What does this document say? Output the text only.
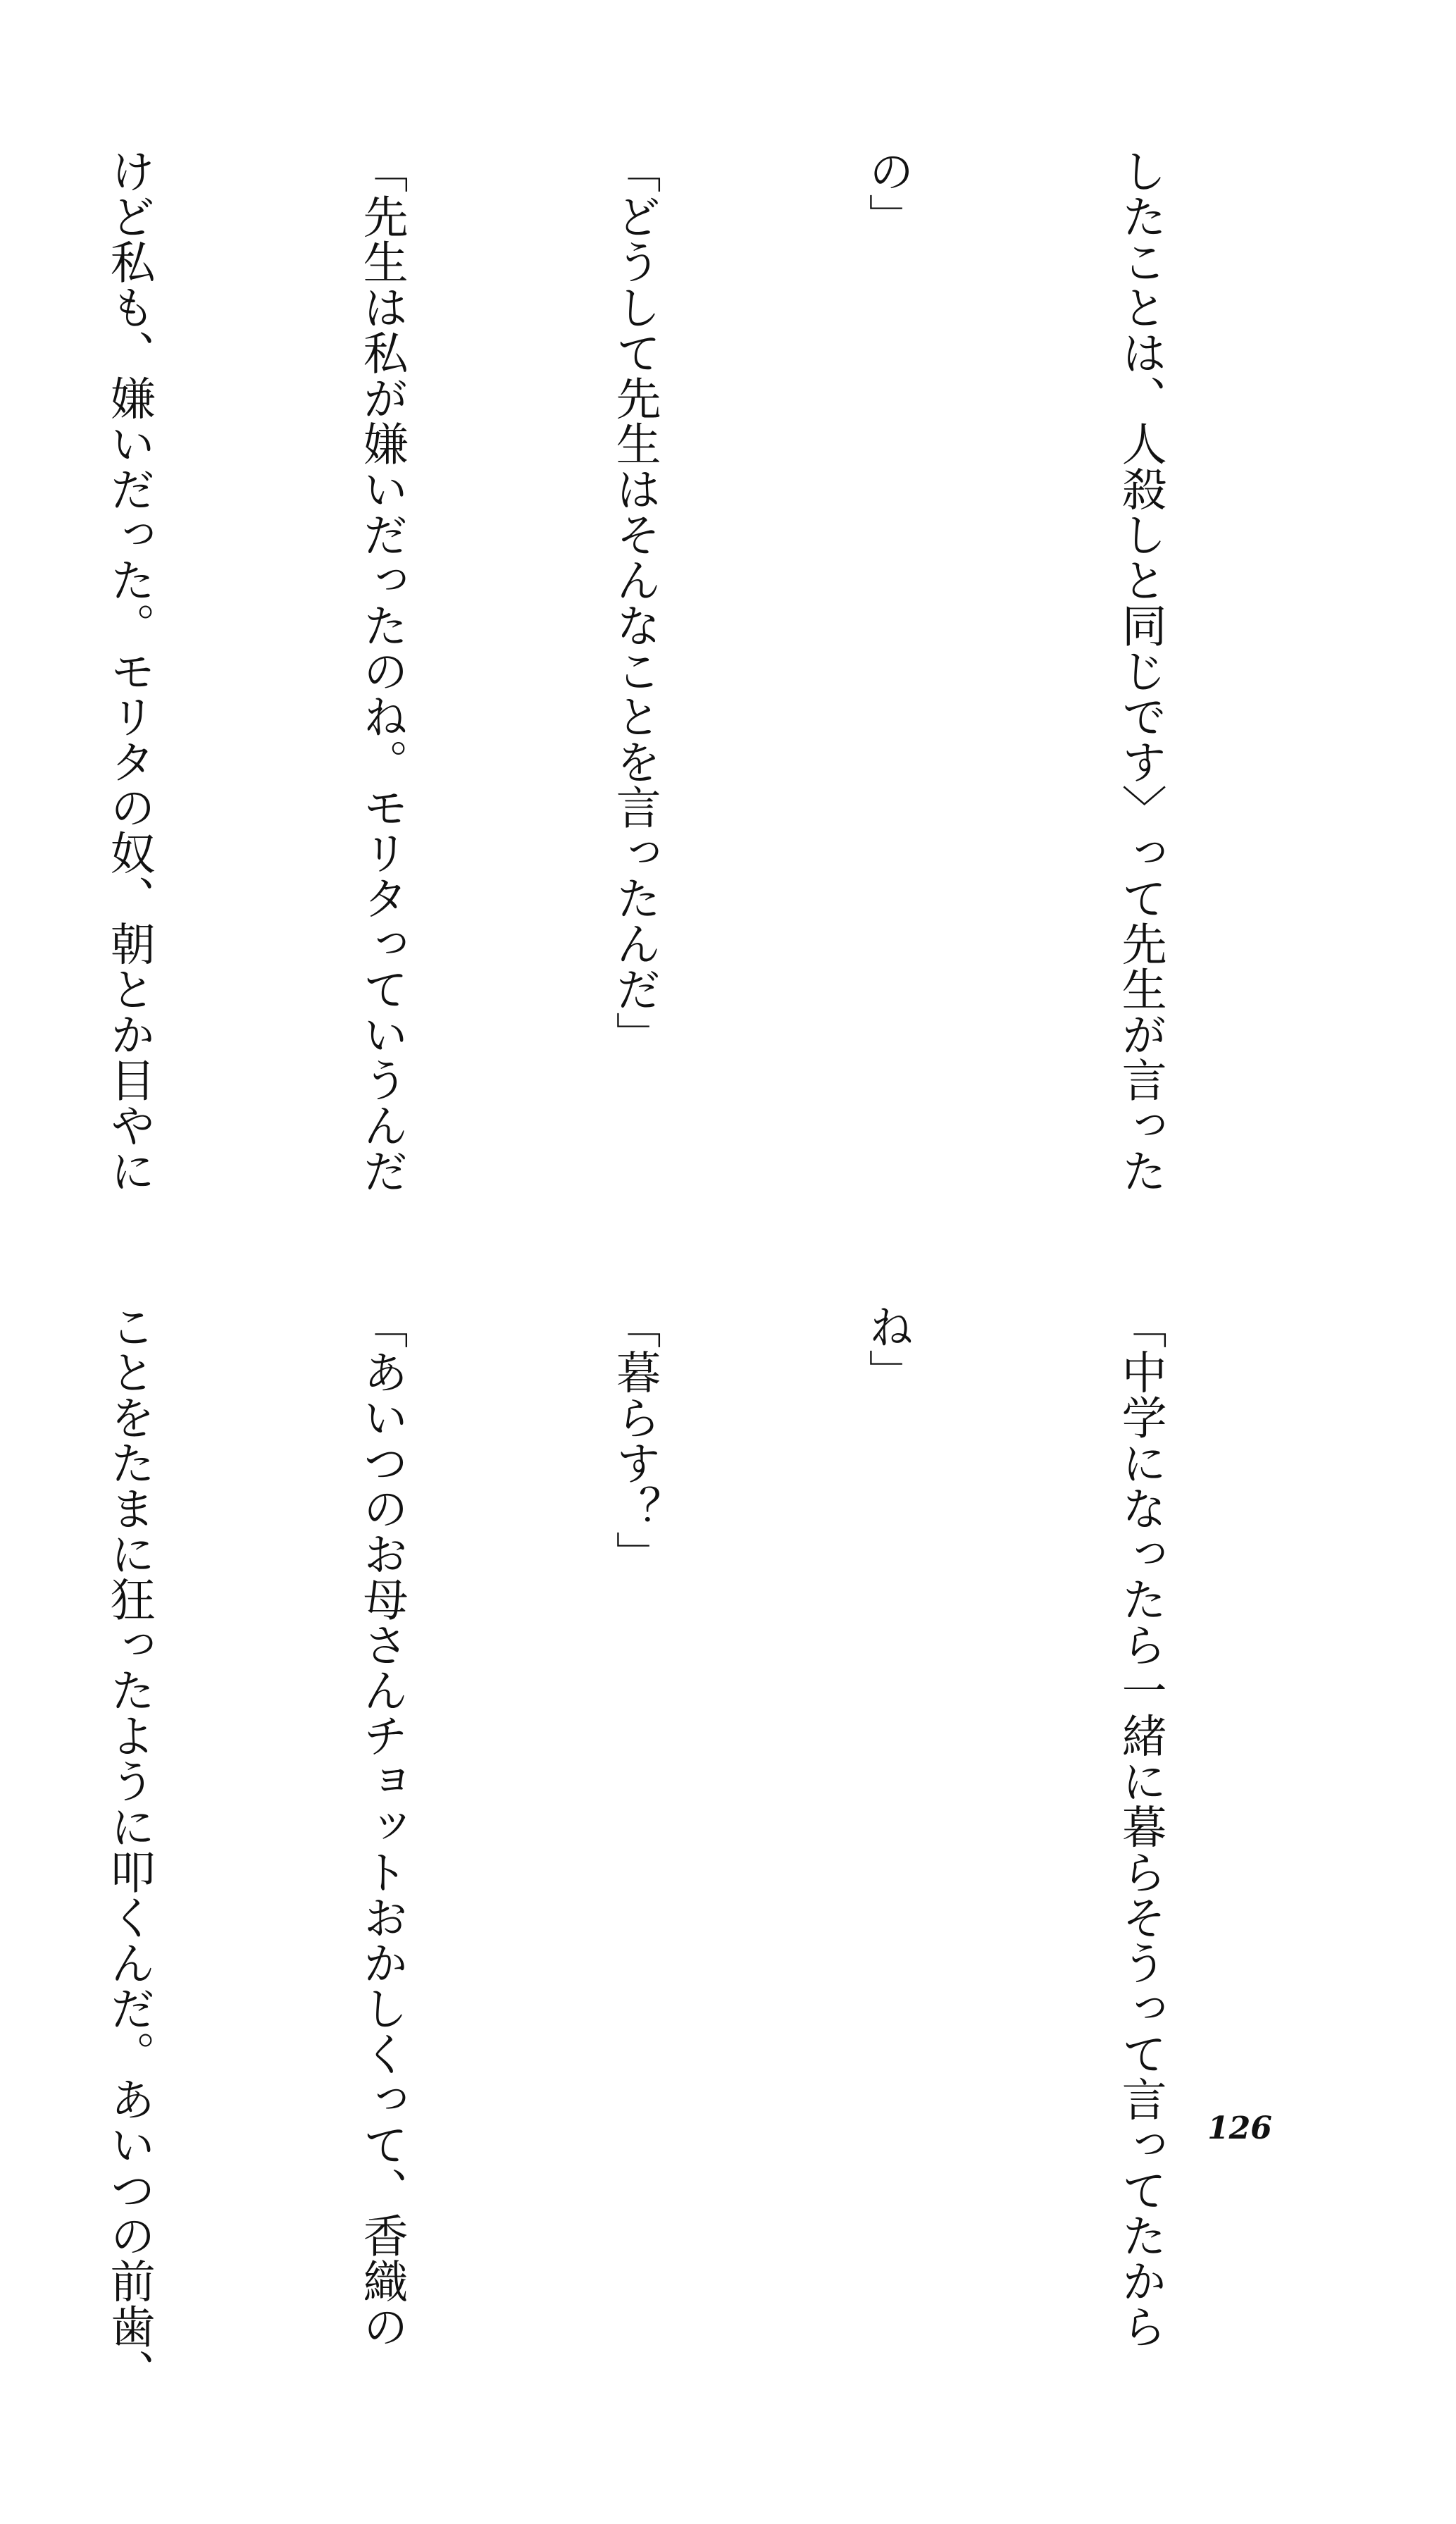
したことは、人殺しと同じです〉って先生が言った

の」

「どうして先生はそんなことを言ったんだ」

「先生は私が嫌いだったのね。モリタっていうんだ

けど私も、嫌いだった。モリタの奴、朝とか目やに

「中学になったら一緒に暮らそうって言ってたから

ね」

「暮らす？」

「あいつのお母さんチョットおかしくって、香織の

ことをたまに狂ったように叩くんだ。あいつの前歯、

	126
